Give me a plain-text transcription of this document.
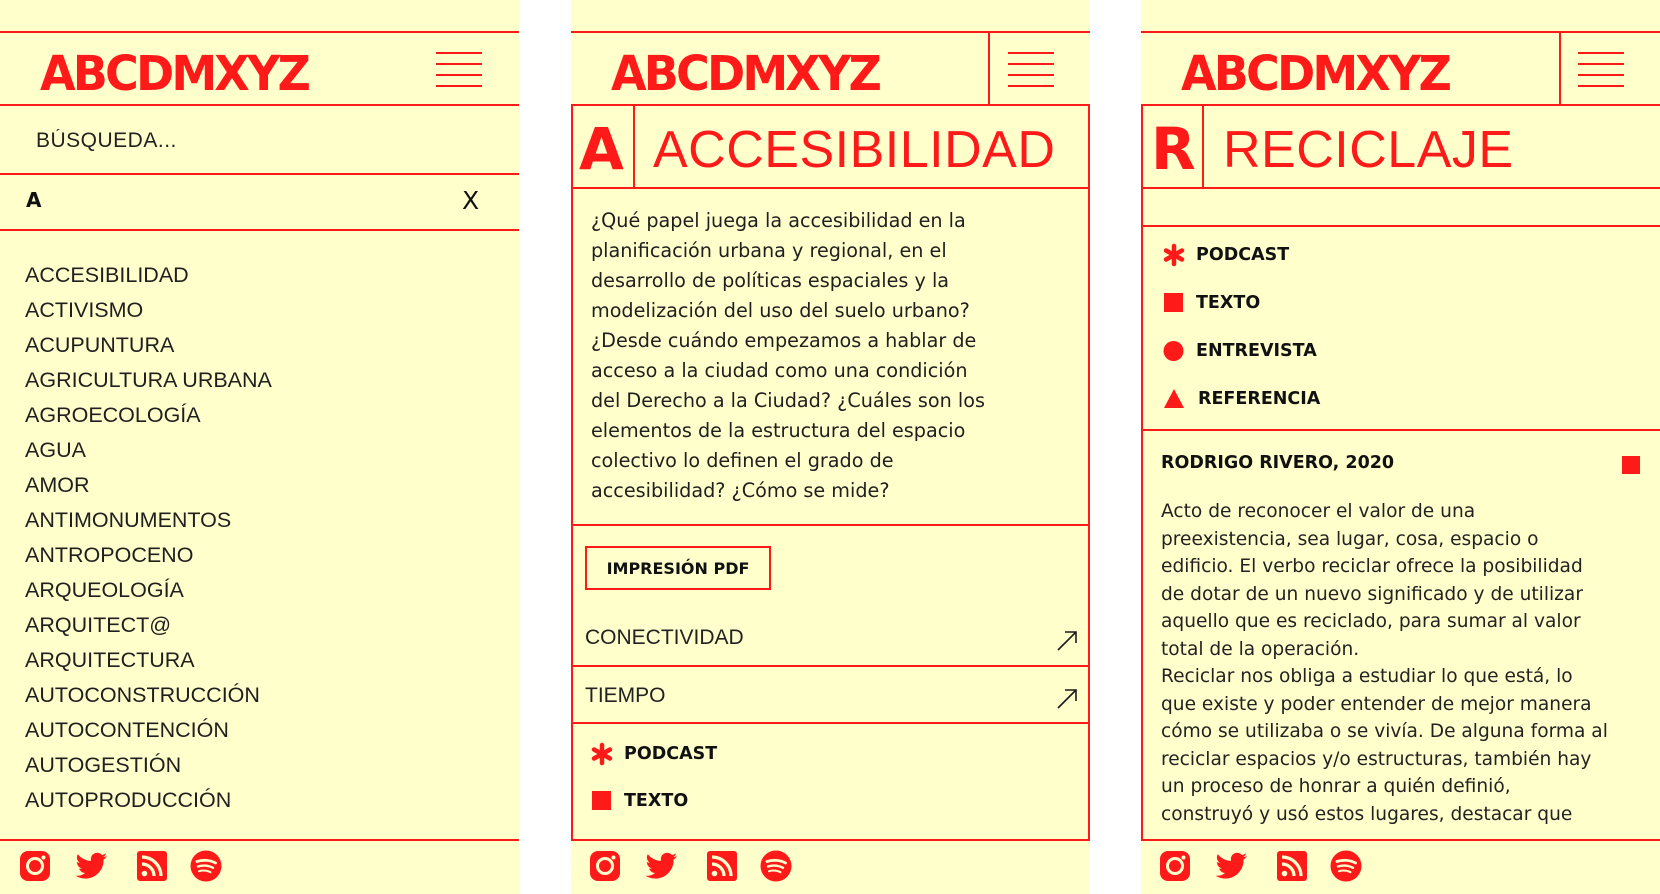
ABCDMXYZ
BÚSQUEDA...
A	X
ACCESIBILIDAD
ACTIVISMO
ACUPUNTURA
AGRICULTURA URBANA
AGROECOLOGÍA
AGUA
AMOR
ANTIMONUMENTOS
ANTROPOCENO
ARQUEOLOGÍA
ARQUITECT@
ARQUITECTURA
AUTOCONSTRUCCIÓN
AUTOCONTENCIÓN
AUTOGESTIÓN
AUTOPRODUCCIÓN
ABCDMXYZ
A ACCESIBILIDAD
¿Qué papel juega la accesibilidad en la
planificación urbana y regional, en el
desarrollo de políticas espaciales y la
modelización del uso del suelo urbano?
¿Desde cuándo empezamos a hablar de
acceso a la ciudad como una condición
del Derecho a la Ciudad? ¿Cuáles son los
elementos de la estructura del espacio
colectivo lo definen el grado de
accesibilidad? ¿Cómo se mide?
IMPRESIÓN PDF
CONECTIVIDAD
TIEMPO
PODCAST
TEXTO
ABCDMXYZ
R RECICLAJE
PODCAST
TEXTO
ENTREVISTA
REFERENCIA
RODRIGO RIVERO, 2020

Acto de reconocer el valor de una

preexistencia, sea lugar, cosa, espacio o

edificio. El verbo reciclar ofrece la posibilidad

de dotar de un nuevo significado y de utilizar

aquello que es reciclado, para sumar al valor

total de la operación.

Reciclar nos obliga a estudiar lo que está, lo

que existe y poder entender de mejor manera

cómo se utilizaba o se vivía. De alguna forma al

reciclar espacios y/o estructuras, también hay

un proceso de honrar a quién definió,

construyó y usó estos lugares, destacar que
